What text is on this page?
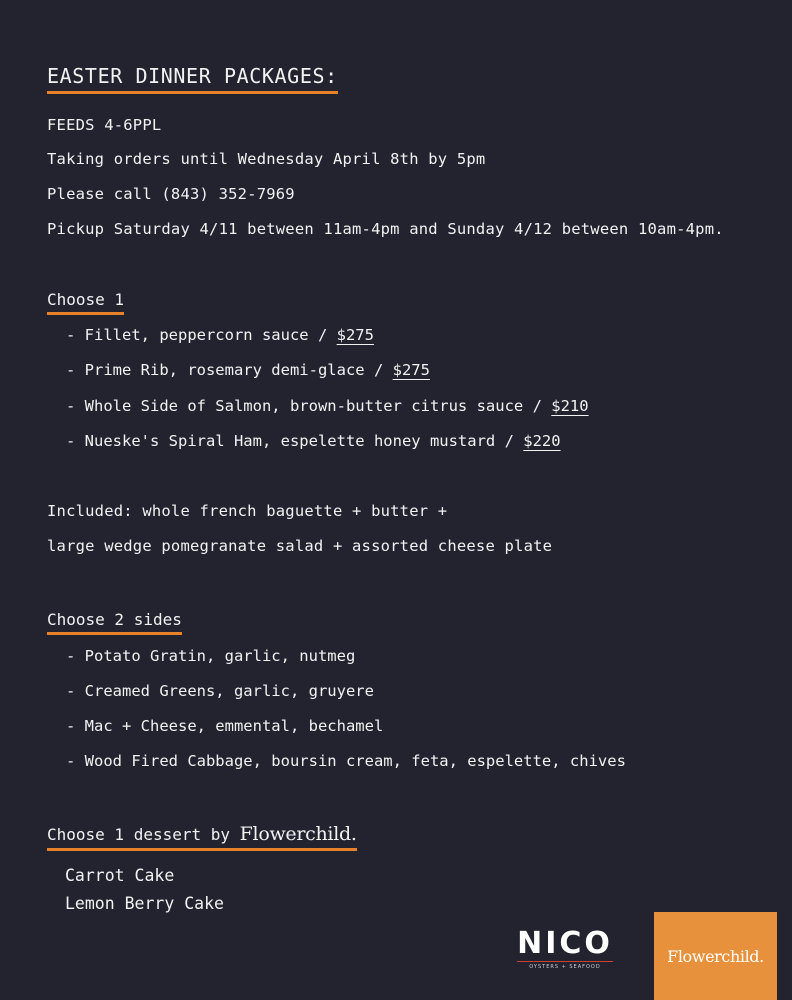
EASTER DINNER PACKAGES:
FEEDS 4-6PPL
Taking orders until Wednesday April 8th by 5pm
Please call (843) 352-7969
Pickup Saturday 4/11 between 11am-4pm and Sunday 4/12 between 10am-4pm.
Choose 1
- Fillet, peppercorn sauce / $275
- Prime Rib, rosemary demi-glace / $275
- Whole Side of Salmon, brown-butter citrus sauce / $210
- Nueske's Spiral Ham, espelette honey mustard / $220
Included: whole french baguette + butter +
large wedge pomegranate salad + assorted cheese plate
Choose 2 sides
- Potato Gratin, garlic, nutmeg
- Creamed Greens, garlic, gruyere
- Mac + Cheese, emmental, bechamel
- Wood Fired Cabbage, boursin cream, feta, espelette, chives
Choose 1 dessert by Flowerchild.
Carrot Cake
Lemon Berry Cake
NICO
OYSTERS + SEAFOOD
Flowerchild.
